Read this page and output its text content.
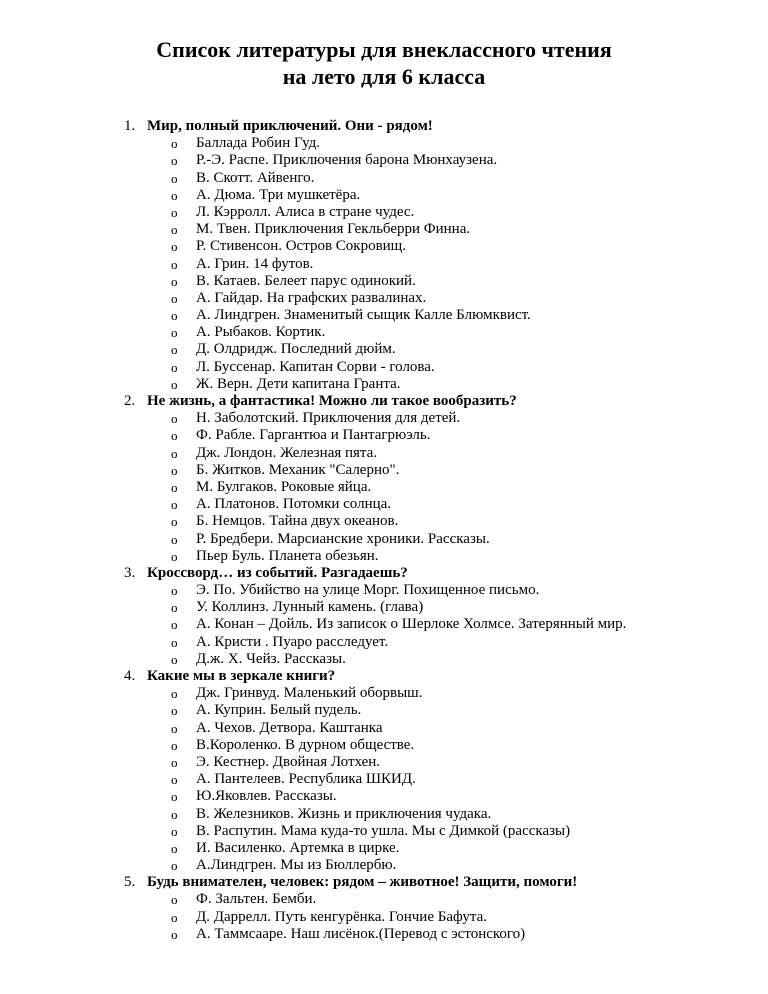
Список литературы для внеклассного чтения
на лето для 6 класса
1. Мир, полный приключений. Они - рядом!
o Баллада Робин Гуд.
o Р.-Э. Распе. Приключения барона Мюнхаузена.
o В. Скотт. Айвенго.
o А. Дюма. Три мушкетёра.
o Л. Кэрролл. Алиса в стране чудес.
o М. Твен. Приключения Гекльберри Финна.
o Р. Стивенсон. Остров Сокровищ.
o А. Грин. 14 футов.
o В. Катаев. Белеет парус одинокий.
o А. Гайдар. На графских развалинах.
o А. Линдгрен. Знаменитый сыщик Калле Блюмквист.
o А. Рыбаков. Кортик.
o Д. Олдридж. Последний дюйм.
o Л. Буссенар. Капитан Сорви - голова.
o Ж. Верн. Дети капитана Гранта.
2. Не жизнь, а фантастика! Можно ли такое вообразить?
o Н. Заболотский. Приключения для детей.
o Ф. Рабле. Гаргантюа и Пантагрюэль.
o Дж. Лондон. Железная пята.
o Б. Житков. Механик "Салерно".
o М. Булгаков. Роковые яйца.
o А. Платонов. Потомки солнца.
o Б. Немцов. Тайна двух океанов.
o Р. Бредбери. Марсианские хроники. Рассказы.
o Пьер Буль. Планета обезьян.
3. Кроссворд… из событий. Разгадаешь?
o Э. По. Убийство на улице Морг. Похищенное письмо.
o У. Коллинз. Лунный камень. (глава)
o А. Конан – Дойль. Из записок о Шерлоке Холмсе. Затерянный мир.
o А. Кристи . Пуаро расследует.
o Д.ж. Х. Чейз. Рассказы.
4. Какие мы в зеркале книги?
o Дж. Гринвуд. Маленький оборвыш.
o А. Куприн. Белый пудель.
o А. Чехов. Детвора. Каштанка
o В.Короленко. В дурном обществе.
o Э. Кестнер. Двойная Лотхен.
o А. Пантелеев. Республика ШКИД.
o Ю.Яковлев. Рассказы.
o В. Железников. Жизнь и приключения чудака.
o В. Распутин. Мама куда-то ушла. Мы с Димкой (рассказы)
o И. Василенко. Артемка в цирке.
o А.Линдгрен. Мы из Бюллербю.
5. Будь внимателен, человек: рядом – животное! Защити, помоги!
o Ф. Зальтен. Бемби.
o Д. Даррелл. Путь кенгурёнка. Гончие Бафута.
o А. Таммсааре. Наш лисёнок.(Перевод с эстонского)
